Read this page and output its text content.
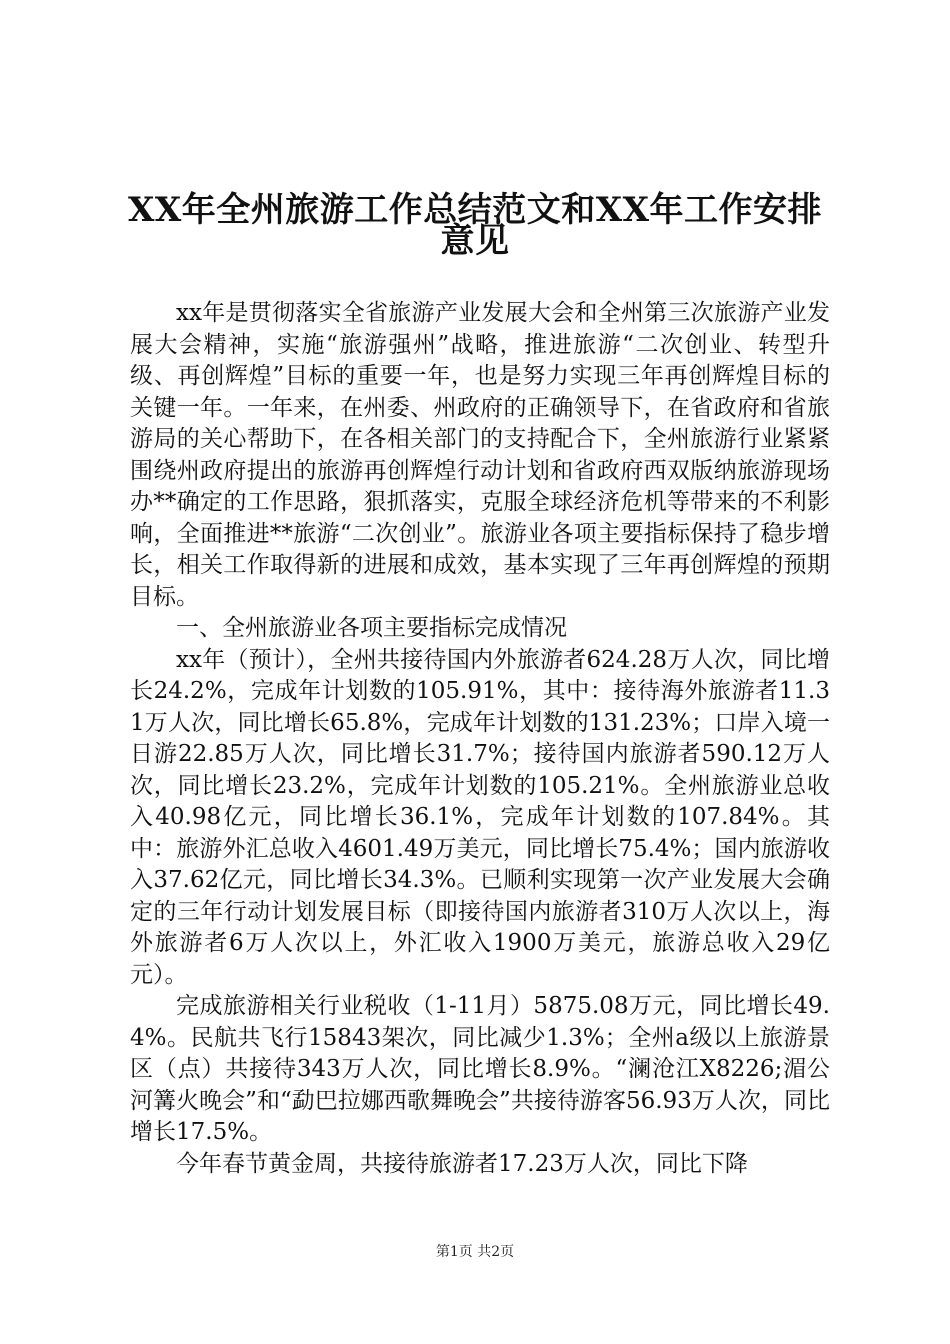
XX年全州旅游工作总结范文和XX年工作安排
意见

xx年是贯彻落实全省旅游产业发展大会和全州第三次旅游产业发展大会精神，实施“旅游强州”战略，推进旅游“二次创业、转型升级、再创辉煌”目标的重要一年，也是努力实现三年再创辉煌目标的关键一年。一年来，在州委、州政府的正确领导下，在省政府和省旅游局的关心帮助下，在各相关部门的支持配合下，全州旅游行业紧紧围绕州政府提出的旅游再创辉煌行动计划和省政府西双版纳旅游现场办**确定的工作思路，狠抓落实，克服全球经济危机等带来的不利影响，全面推进**旅游“二次创业”。旅游业各项主要指标保持了稳步增长，相关工作取得新的进展和成效，基本实现了三年再创辉煌的预期目标。

一、全州旅游业各项主要指标完成情况

xx年（预计），全州共接待国内外旅游者624.28万人次，同比增长24.2%，完成年计划数的105.91%，其中：接待海外旅游者11.31万人次，同比增长65.8%，完成年计划数的131.23%；口岸入境一日游22.85万人次，同比增长31.7%；接待国内旅游者590.12万人次，同比增长23.2%，完成年计划数的105.21%。全州旅游业总收入40.98亿元，同比增长36.1%，完成年计划数的107.84%。其中：旅游外汇总收入4601.49万美元，同比增长75.4%；国内旅游收入37.62亿元，同比增长34.3%。已顺利实现第一次产业发展大会确定的三年行动计划发展目标（即接待国内旅游者310万人次以上，海外旅游者6万人次以上，外汇收入1900万美元，旅游总收入29亿元）。

完成旅游相关行业税收（1-11月）5875.08万元，同比增长49.4%。民航共飞行15843架次，同比减少1.3%；全州a级以上旅游景区（点）共接待343万人次，同比增长8.9%。“澜沧江X8226;湄公河篝火晚会”和“勐巴拉娜西歌舞晚会”共接待游客56.93万人次，同比增长17.5%。

今年春节黄金周，共接待旅游者17.23万人次，同比下降

第1页 共2页
